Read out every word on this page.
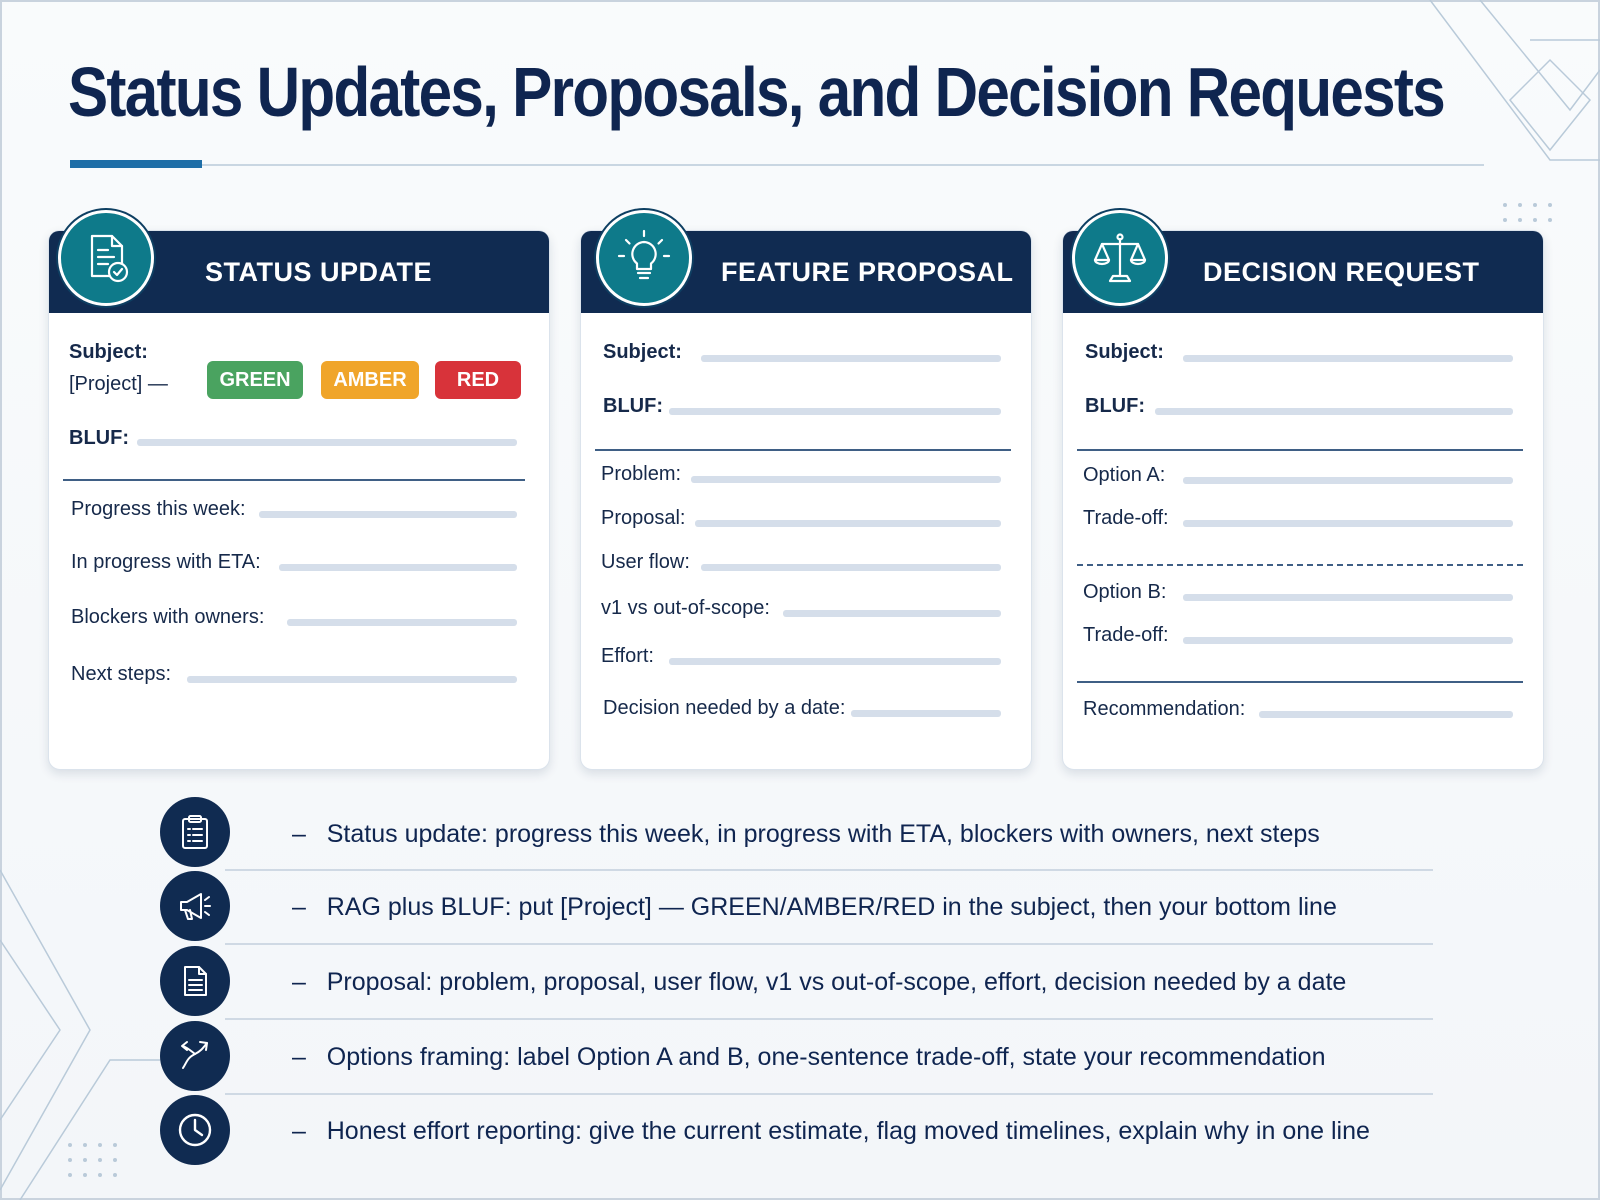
Status Updates, Proposals, and Decision Requests
STATUS UPDATE
Subject:
[Project] —	GREEN	AMBER	RED
BLUF:
Progress this week:
In progress with ETA:
Blockers with owners:
Next steps:
FEATURE PROPOSAL
Subject:
BLUF:
Problem:
Proposal:
User flow:
v1 vs out-of-scope:
Effort:
Decision needed by a date:
DECISION REQUEST
Subject:
BLUF:
Option A:
Trade-off:
Option B:
Trade-off:
Recommendation:
– Status update: progress this week, in progress with ETA, blockers with owners, next steps
– RAG plus BLUF: put [Project] — GREEN/AMBER/RED in the subject, then your bottom line
– Proposal: problem, proposal, user flow, v1 vs out-of-scope, effort, decision needed by a date
– Options framing: label Option A and B, one-sentence trade-off, state your recommendation
– Honest effort reporting: give the current estimate, flag moved timelines, explain why in one line
